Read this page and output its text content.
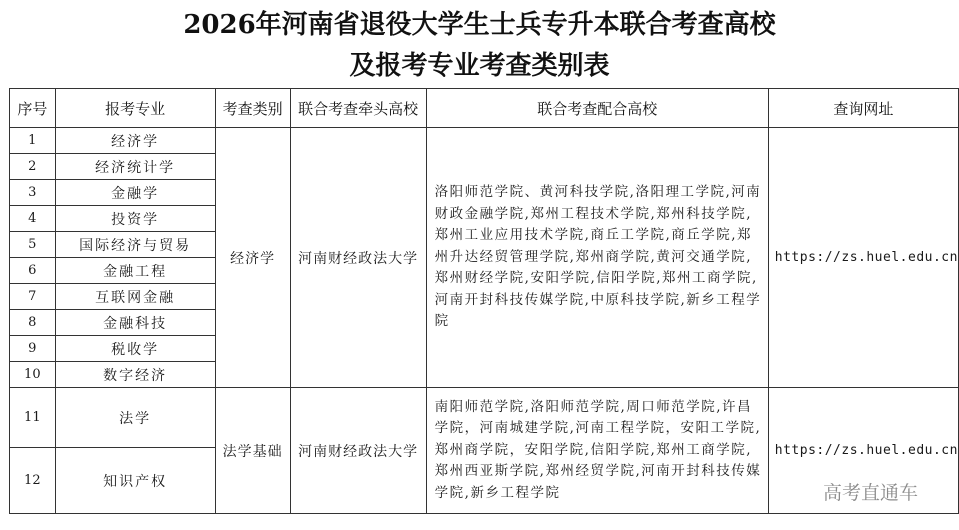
2026年河南省退役大学生士兵专升本联合考查高校
及报考专业考查类别表
序号	报考专业	考查类别	联合考查牵头高校	联合考查配合高校	查询网址
1	经济学	经济学	河南财经政法大学	洛阳师范学院、黄河科技学院,洛阳理工学院,河南财政金融学院,郑州工程技术学院,郑州科技学院,郑州工业应用技术学院,商丘工学院,商丘学院,郑州升达经贸管理学院,郑州商学院,黄河交通学院,郑州财经学院,安阳学院,信阳学院,郑州工商学院,河南开封科技传媒学院,中原科技学院,新乡工程学院	https://zs.huel.edu.cn
2	经济统计学				
3	金融学				
4	投资学				
5	国际经济与贸易				
6	金融工程				
7	互联网金融				
8	金融科技				
9	税收学				
10	数字经济				
11	法学	法学基础	河南财经政法大学	南阳师范学院,洛阳师范学院,周口师范学院,许昌学院，河南城建学院,河南工程学院，安阳工学院,郑州商学院，安阳学院,信阳学院,郑州工商学院,郑州西亚斯学院,郑州经贸学院,河南开封科技传媒学院,新乡工程学院	https://zs.huel.edu.cn
12	知识产权				
高考直通车
